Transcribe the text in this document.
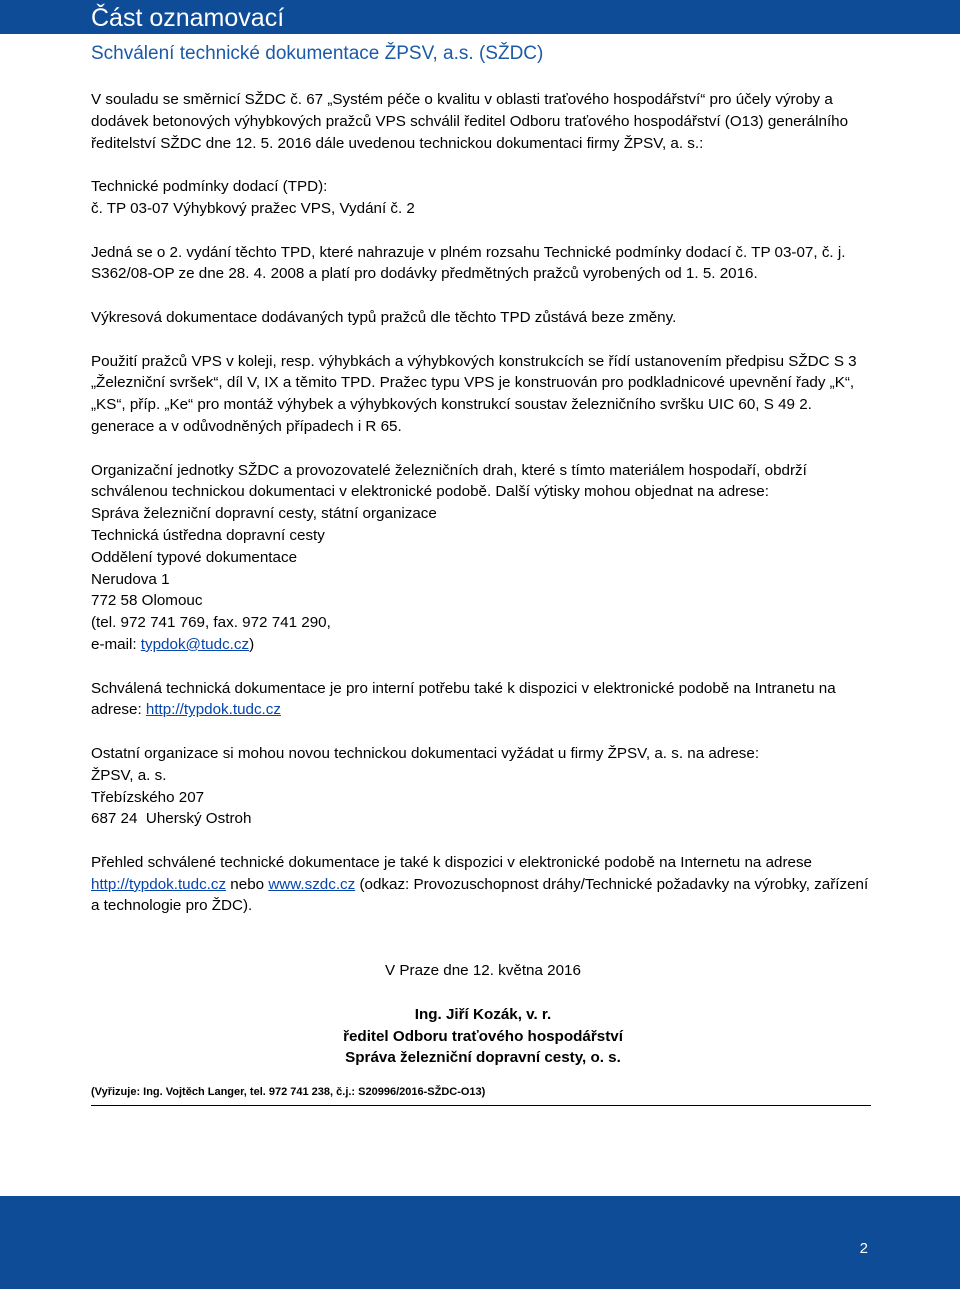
Část oznamovací
Schválení technické dokumentace ŽPSV, a.s. (SŽDC)

V souladu se směrnicí SŽDC č. 67 „Systém péče o kvalitu v oblasti traťového hospodářství“ pro účely výroby a dodávek betonových výhybkových pražců VPS schválil ředitel Odboru traťového hospodářství (O13) generálního ředitelství SŽDC dne 12. 5. 2016 dále uvedenou technickou dokumentaci firmy ŽPSV, a. s.:

Technické podmínky dodací (TPD):

č. TP 03-07 Výhybkový pražec VPS, Vydání č. 2

Jedná se o 2. vydání těchto TPD, které nahrazuje v plném rozsahu Technické podmínky dodací č. TP 03-07, č. j. S362/08-OP ze dne 28. 4. 2008 a platí pro dodávky předmětných pražců vyrobených od 1. 5. 2016.

Výkresová dokumentace dodávaných typů pražců dle těchto TPD zůstává beze změny.

Použití pražců VPS v koleji, resp. výhybkách a výhybkových konstrukcích se řídí ustanovením předpisu SŽDC S 3 „Železniční svršek“, díl V, IX a těmito TPD. Pražec typu VPS je konstruován pro podkladnicové upevnění řady „K“, „KS“, příp. „Ke“ pro montáž výhybek a výhybkových konstrukcí soustav železničního svršku UIC 60, S 49 2. generace a v odůvodněných případech i R 65.

Organizační jednotky SŽDC a provozovatelé železničních drah, které s tímto materiálem hospodaří, obdrží schválenou technickou dokumentaci v elektronické podobě. Další výtisky mohou objednat na adrese:

Správa železniční dopravní cesty, státní organizace

Technická ústředna dopravní cesty

Oddělení typové dokumentace

Nerudova 1

772 58 Olomouc

(tel. 972 741 769, fax. 972 741 290,

e-mail: typdok@tudc.cz)

Schválená technická dokumentace je pro interní potřebu také k dispozici v elektronické podobě na Intranetu na adrese: http://typdok.tudc.cz

Ostatní organizace si mohou novou technickou dokumentaci vyžádat u firmy ŽPSV, a. s. na adrese:

ŽPSV, a. s.

Třebízského 207

687 24  Uherský Ostroh

Přehled schválené technické dokumentace je také k dispozici v elektronické podobě na Internetu na adrese http://typdok.tudc.cz nebo www.szdc.cz (odkaz: Provozuschopnost dráhy/Technické požadavky na výrobky, zařízení a technologie pro ŽDC).

V Praze dne 12. května 2016

Ing. Jiří Kozák, v. r.

ředitel Odboru traťového hospodářství

Správa železniční dopravní cesty, o. s.

(Vyřizuje: Ing. Vojtěch Langer, tel. 972 741 238, č.j.: S20996/2016-SŽDC-O13)
2
